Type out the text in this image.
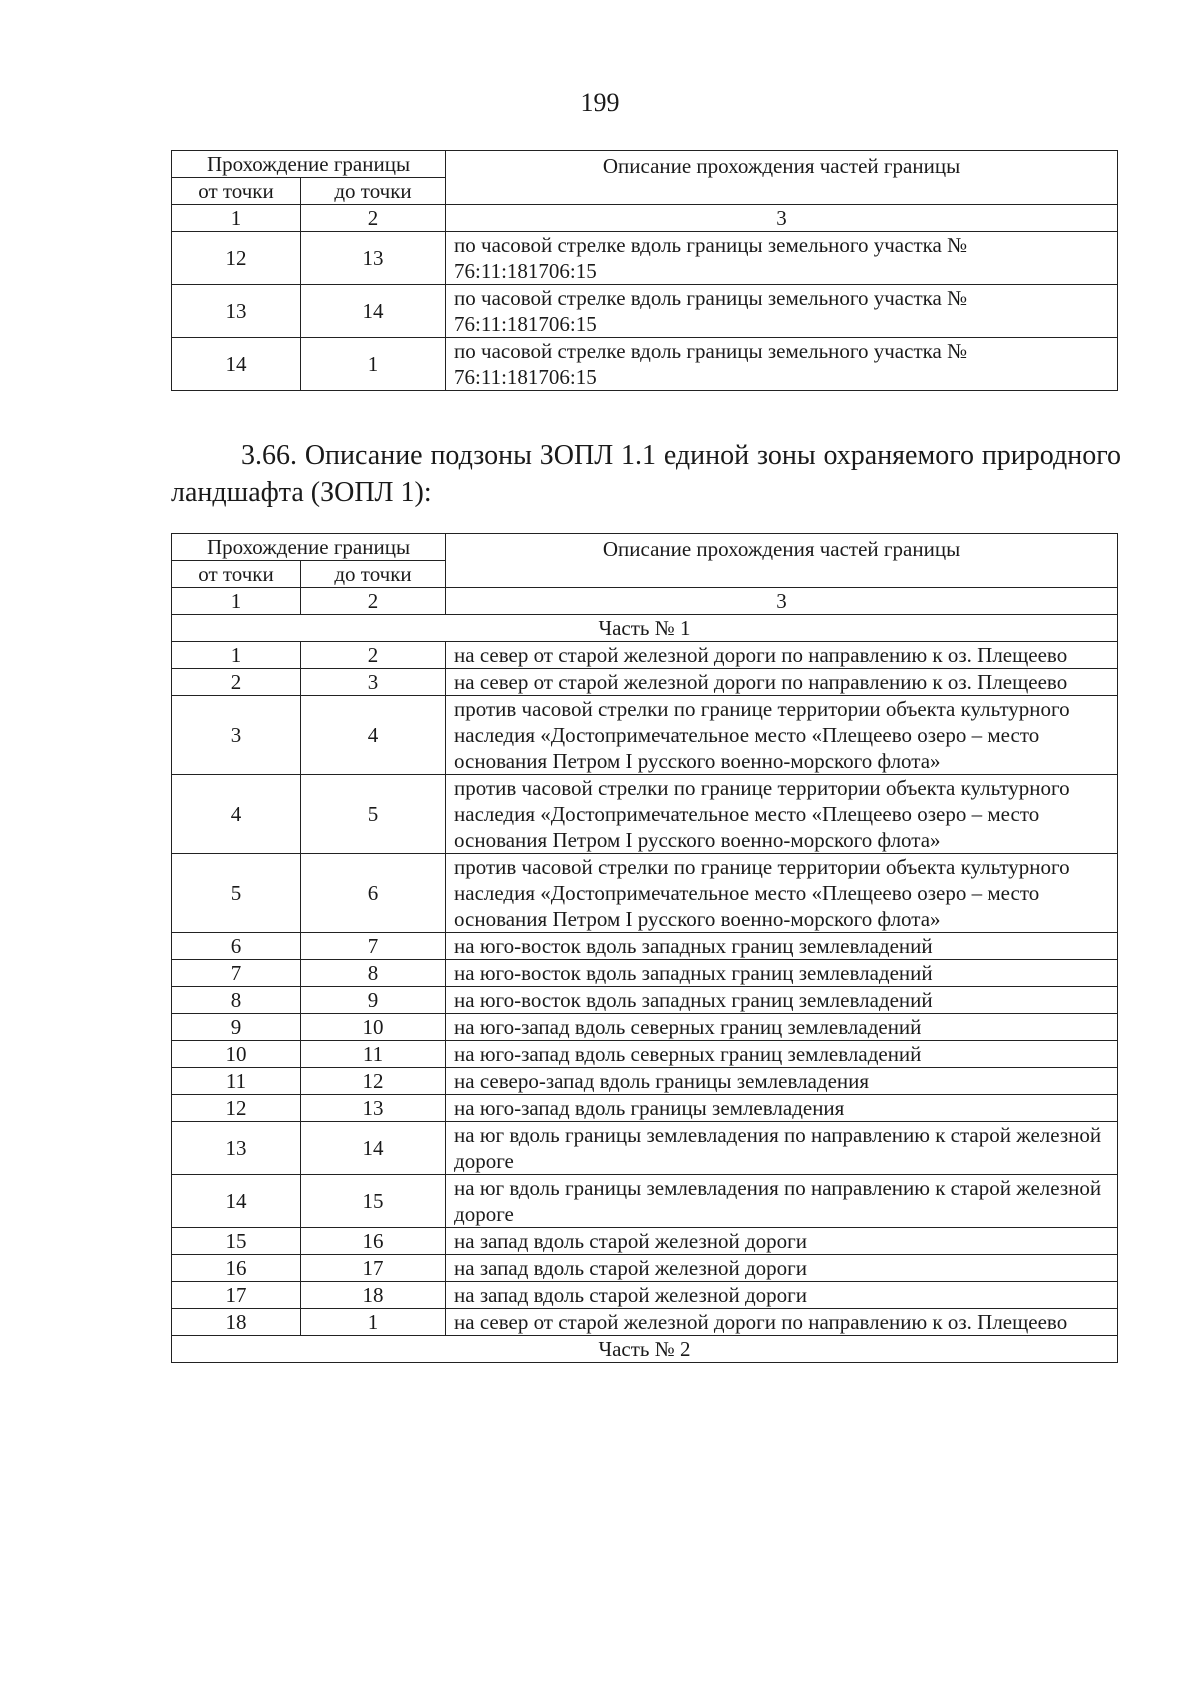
199
Прохождение границы		Описание прохождения частей границы
от точки	до точки	
1	2	3
12	13	по часовой стрелке вдоль границы земельного участка № 76:11:181706:15
13	14	по часовой стрелке вдоль границы земельного участка № 76:11:181706:15
14	1	по часовой стрелке вдоль границы земельного участка № 76:11:181706:15
3.66. Описание подзоны ЗОПЛ 1.1 единой зоны охраняемого природного ландшафта (ЗОПЛ 1):
Прохождение границы		Описание прохождения частей границы
от точки	до точки	
1	2	3
Часть № 1		
1	2	на север от старой железной дороги по направлению к оз. Плещеево
2	3	на север от старой железной дороги по направлению к оз. Плещеево
3	4	против часовой стрелки по границе территории объекта культурного наследия «Достопримечательное место «Плещеево озеро – место основания Петром I русского военно-морского флота»
4	5	против часовой стрелки по границе территории объекта культурного наследия «Достопримечательное место «Плещеево озеро – место основания Петром I русского военно-морского флота»
5	6	против часовой стрелки по границе территории объекта культурного наследия «Достопримечательное место «Плещеево озеро – место основания Петром I русского военно-морского флота»
6	7	на юго-восток вдоль западных границ землевладений
7	8	на юго-восток вдоль западных границ землевладений
8	9	на юго-восток вдоль западных границ землевладений
9	10	на юго-запад вдоль северных границ землевладений
10	11	на юго-запад вдоль северных границ землевладений
11	12	на северо-запад вдоль границы землевладения
12	13	на юго-запад вдоль границы землевладения
13	14	на юг вдоль границы землевладения по направлению к старой железной дороге
14	15	на юг вдоль границы землевладения по направлению к старой железной дороге
15	16	на запад вдоль старой железной дороги
16	17	на запад вдоль старой железной дороги
17	18	на запад вдоль старой железной дороги
18	1	на север от старой железной дороги по направлению к оз. Плещеево
Часть № 2		
